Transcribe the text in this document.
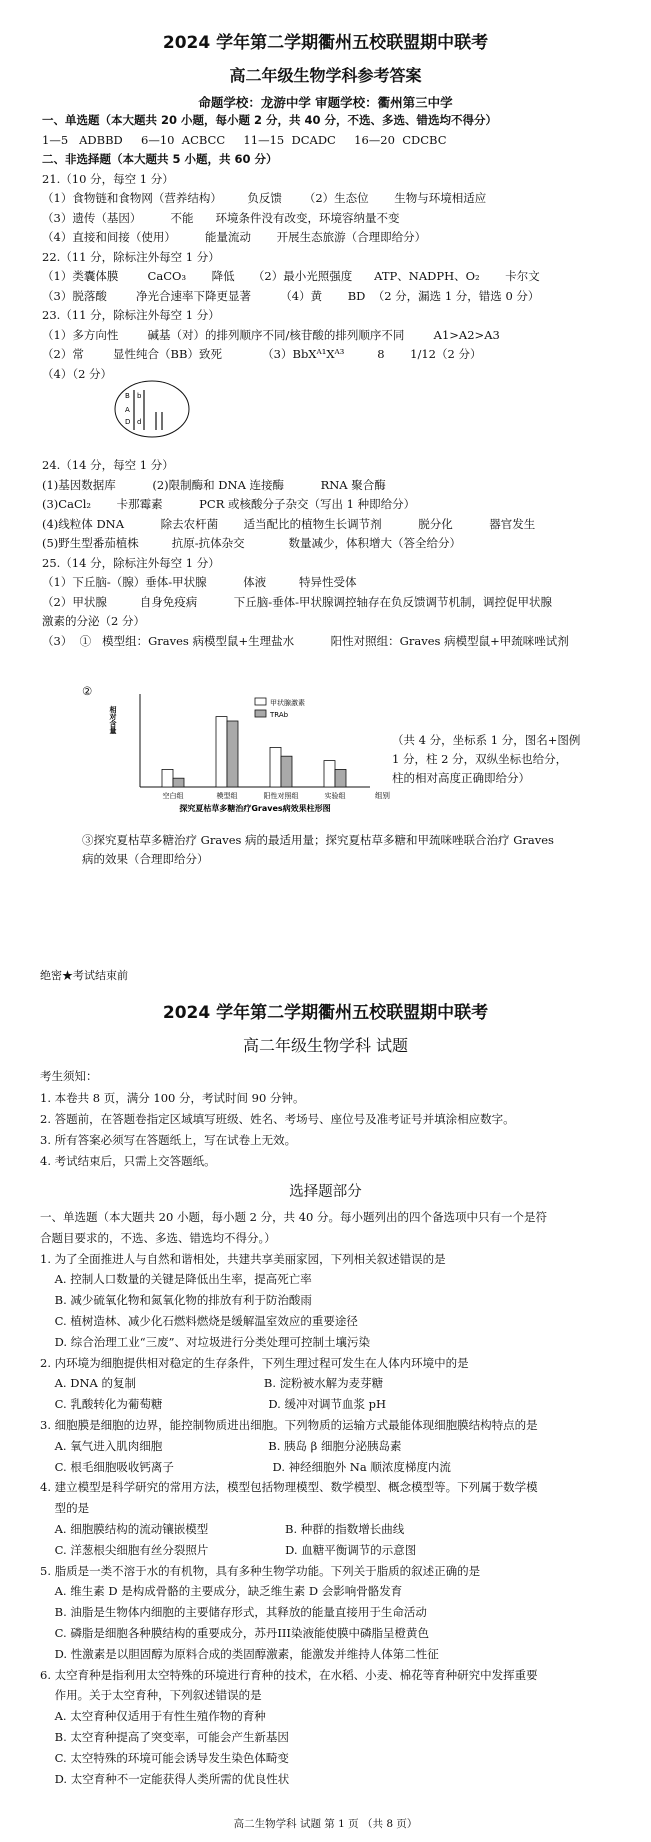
2024 学年第二学期衢州五校联盟期中联考
高二年级生物学科参考答案
命题学校：龙游中学 审题学校：衢州第三中学
一、单选题（本大题共 20 小题，每小题 2 分，共 40 分，不选、多选、错选均不得分）
1—5   ADBBD     6—10  ACBCC     11—15  DCADC     16—20  CDCBC
二、非选择题（本大题共 5 小题，共 60 分）
21.（10 分，每空 1 分）
（1）食物链和食物网（营养结构）       负反馈      （2）生态位       生物与环境相适应
（3）遗传（基因）        不能      环境条件没有改变，环境容纳量不变
（4）直接和间接（使用）        能量流动       开展生态旅游（合理即给分）
22.（11 分，除标注外每空 1 分）
（1）类囊体膜        CaCO₃       降低     （2）最小光照强度      ATP、NADPH、O₂       卡尔文
（3）脱落酸        净光合速率下降更显著        （4）黄       BD  （2 分，漏选 1 分，错选 0 分）
23.（11 分，除标注外每空 1 分）
（1）多方向性        碱基（对）的排列顺序不同/核苷酸的排列顺序不同        A1>A2>A3
（2）常        显性纯合（BB）致死           （3）BbXᴬ¹Xᴬ³         8       1/12（2 分）
（4）（2 分）
B
A
b
D d
24.（14 分，每空 1 分）
(1)基因数据库          (2)限制酶和 DNA 连接酶          RNA 聚合酶
(3)CaCl₂       卡那霉素          PCR 或核酸分子杂交（写出 1 种即给分）
(4)线粒体 DNA          除去农杆菌       适当配比的植物生长调节剂          脱分化          器官发生
(5)野生型番茄植株         抗原-抗体杂交            数量减少，体积增大（答全给分）
25.（14 分，除标注外每空 1 分）
（1）下丘脑-（腺）垂体-甲状腺          体液         特异性受体
（2）甲状腺         自身免疫病          下丘脑-垂体-甲状腺调控轴存在负反馈调节机制，调控促甲状腺
激素的分泌（2 分）
（3）  ①   模型组：Graves 病模型鼠+生理盐水          阳性对照组：Graves 病模型鼠+甲巯咪唑试剂
②
相对含量
组别
探究夏枯草多糖治疗Graves病效果柱形图
甲状腺激素
TRAb
空白组	模型组	阳性对照组	实验组
（共 4 分，坐标系 1 分，图名+图例
1 分，柱 2 分，双纵坐标也给分，
柱的相对高度正确即给分）
③探究夏枯草多糖治疗 Graves 病的最适用量；探究夏枯草多糖和甲巯咪唑联合治疗 Graves
病的效果（合理即给分）
绝密★考试结束前
2024 学年第二学期衢州五校联盟期中联考
高二年级生物学科 试题
考生须知：
1. 本卷共 8 页，满分 100 分，考试时间 90 分钟。
2. 答题前，在答题卷指定区域填写班级、姓名、考场号、座位号及准考证号并填涂相应数字。
3. 所有答案必须写在答题纸上，写在试卷上无效。
4. 考试结束后，只需上交答题纸。
选择题部分
一、单选题（本大题共 20 小题，每小题 2 分，共 40 分。每小题列出的四个备选项中只有一个是符
合题目要求的，不选、多选、错选均不得分。）
1. 为了全面推进人与自然和谐相处，共建共享美丽家园，下列相关叙述错误的是
A. 控制人口数量的关键是降低出生率，提高死亡率
B. 减少硫氧化物和氮氧化物的排放有利于防治酸雨
C. 植树造林、减少化石燃料燃烧是缓解温室效应的重要途径
D. 综合治理工业“三废”、对垃圾进行分类处理可控制土壤污染
2. 内环境为细胞提供相对稳定的生存条件，下列生理过程可发生在人体内环境中的是
A. DNA 的复制                                   B. 淀粉被水解为麦芽糖
C. 乳酸转化为葡萄糖                             D. 缓冲对调节血浆 pH
3. 细胞膜是细胞的边界，能控制物质进出细胞。下列物质的运输方式最能体现细胞膜结构特点的是
A. 氧气进入肌肉细胞                             B. 胰岛 β 细胞分泌胰岛素
C. 根毛细胞吸收钙离子                           D. 神经细胞外 Na 顺浓度梯度内流
4. 建立模型是科学研究的常用方法，模型包括物理模型、数学模型、概念模型等。下列属于数学模
型的是
A. 细胞膜结构的流动镶嵌模型                     B. 种群的指数增长曲线
C. 洋葱根尖细胞有丝分裂照片                     D. 血糖平衡调节的示意图
5. 脂质是一类不溶于水的有机物，具有多种生物学功能。下列关于脂质的叙述正确的是
A. 维生素 D 是构成骨骼的主要成分，缺乏维生素 D 会影响骨骼发育
B. 油脂是生物体内细胞的主要储存形式，其释放的能量直接用于生命活动
C. 磷脂是细胞各种膜结构的重要成分，苏丹III染液能使膜中磷脂呈橙黄色
D. 性激素是以胆固醇为原料合成的类固醇激素，能激发并维持人体第二性征
6. 太空育种是指利用太空特殊的环境进行育种的技术，在水稻、小麦、棉花等育种研究中发挥重要
作用。关于太空育种，下列叙述错误的是
A. 太空育种仅适用于有性生殖作物的育种
B. 太空育种提高了突变率，可能会产生新基因
C. 太空特殊的环境可能会诱导发生染色体畸变
D. 太空育种不一定能获得人类所需的优良性状
高二生物学科 试题 第 1 页 （共 8 页）
